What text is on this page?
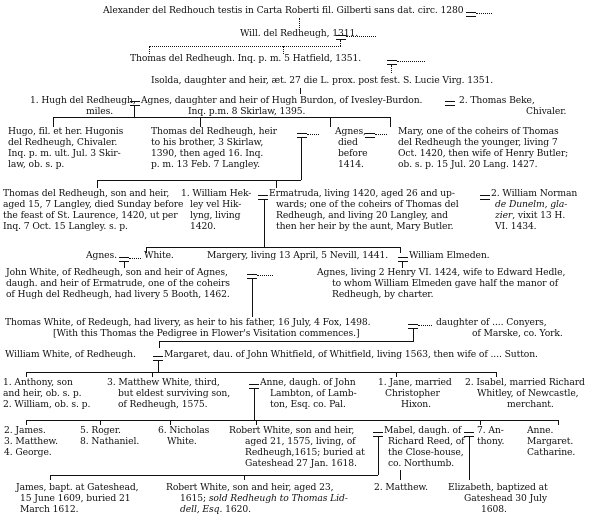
Alexander del Redhouch testis in Carta Roberti fil. Gilberti sans dat. circ. 1280
Will. del Redheugh, 1311.
Thomas del Redheugh. Inq. p. m. 5 Hatfield, 1351.
Isolda, daughter and heir, æt. 27 die L. prox. post fest. S. Lucie Virg. 1351.
1. Hugh del Redheugh,
miles.
Agnes, daughter and heir of Hugh Burdon, of Ivesley-Burdon.
Inq. p.m. 8 Skirlaw, 1395.
2. Thomas Beke,
Chivaler.
Hugo, fil. et her. Hugonis
del Redheugh, Chivaler.
Inq. p. m. ult. Jul. 3 Skir-
law, ob. s. p.
Thomas del Redheugh, heir
to his brother, 3 Skirlaw,
1390, then aged 16. Inq.
p. m. 13 Feb. 7 Langley.
Agnes,
died
before
1414.
Mary, one of the coheirs of Thomas
del Redheugh the younger, living 7
Oct. 1420, then wife of Henry Butler;
ob. s. p. 15 Jul. 20 Lang. 1427.
Thomas del Redheugh, son and heir,
aged 15, 7 Langley, died Sunday before
the feast of St. Laurence, 1420, ut per
Inq. 7 Oct. 15 Langley. s. p.
1. William Hek-
ley vel Hik-
lyng, living
1420.
Ermatruda, living 1420, aged 26 and up-
wards; one of the coheirs of Thomas del
Redheugh, and living 20 Langley, and
then her heir by the aunt, Mary Butler.
2. William Norman
de Dunelm, gla-
zier, vixit 13 H.
VI. 1434.
Agnes.	White.	Margery, living 13 April, 5 Nevill, 1441. William Elmeden.
John White, of Redheugh, son and heir of Agnes,
daugh. and heir of Ermatrude, one of the coheirs
of Hugh del Redheugh, had livery 5 Booth, 1462.
Agnes, living 2 Henry VI. 1424, wife to Edward Hedle,
to whom William Elmeden gave half the manor of
Redheugh, by charter.
Thomas White, of Redeugh, had livery, as heir to his father, 16 July, 4 Fox, 1498.	daughter of .... Conyers,
[With this Thomas the Pedigree in Flower's Visitation commences.]	of Marske, co. York.
William White, of Redheugh.	Margaret, dau. of John Whitfield, of Whitfield, living 1563, then wife of .... Sutton.
1. Anthony, son
and heir, ob. s. p.
2. William, ob. s. p.
3. Matthew White, third,
but eldest surviving son,
of Redheugh, 1575.
Anne, daugh. of John
Lambton, of Lamb-
ton, Esq. co. Pal.
1. Jane, married
Christopher
Hixon.
2. Isabel, married Richard
Whitley, of Newcastle,
merchant.
2. James.
3. Matthew.
4. George.
5. Roger.
8. Nathaniel.
6. Nicholas
White.
Robert White, son and heir,
aged 21, 1575, living, of
Redheugh,1615; buried at
Gateshead 27 Jan. 1618.
Mabel, daugh. of
Richard Reed, of
the Close-house,
co. Northumb.
7. An-
thony.
Anne.
Margaret.
Catharine.
James, bapt. at Gateshead,
15 June 1609, buried 21
March 1612.
Robert White, son and heir, aged 23,
1615; sold Redheugh to Thomas Lid-
dell, Esq. 1620.
2. Matthew. Elizabeth, baptized at
Gateshead 30 July
1608.
